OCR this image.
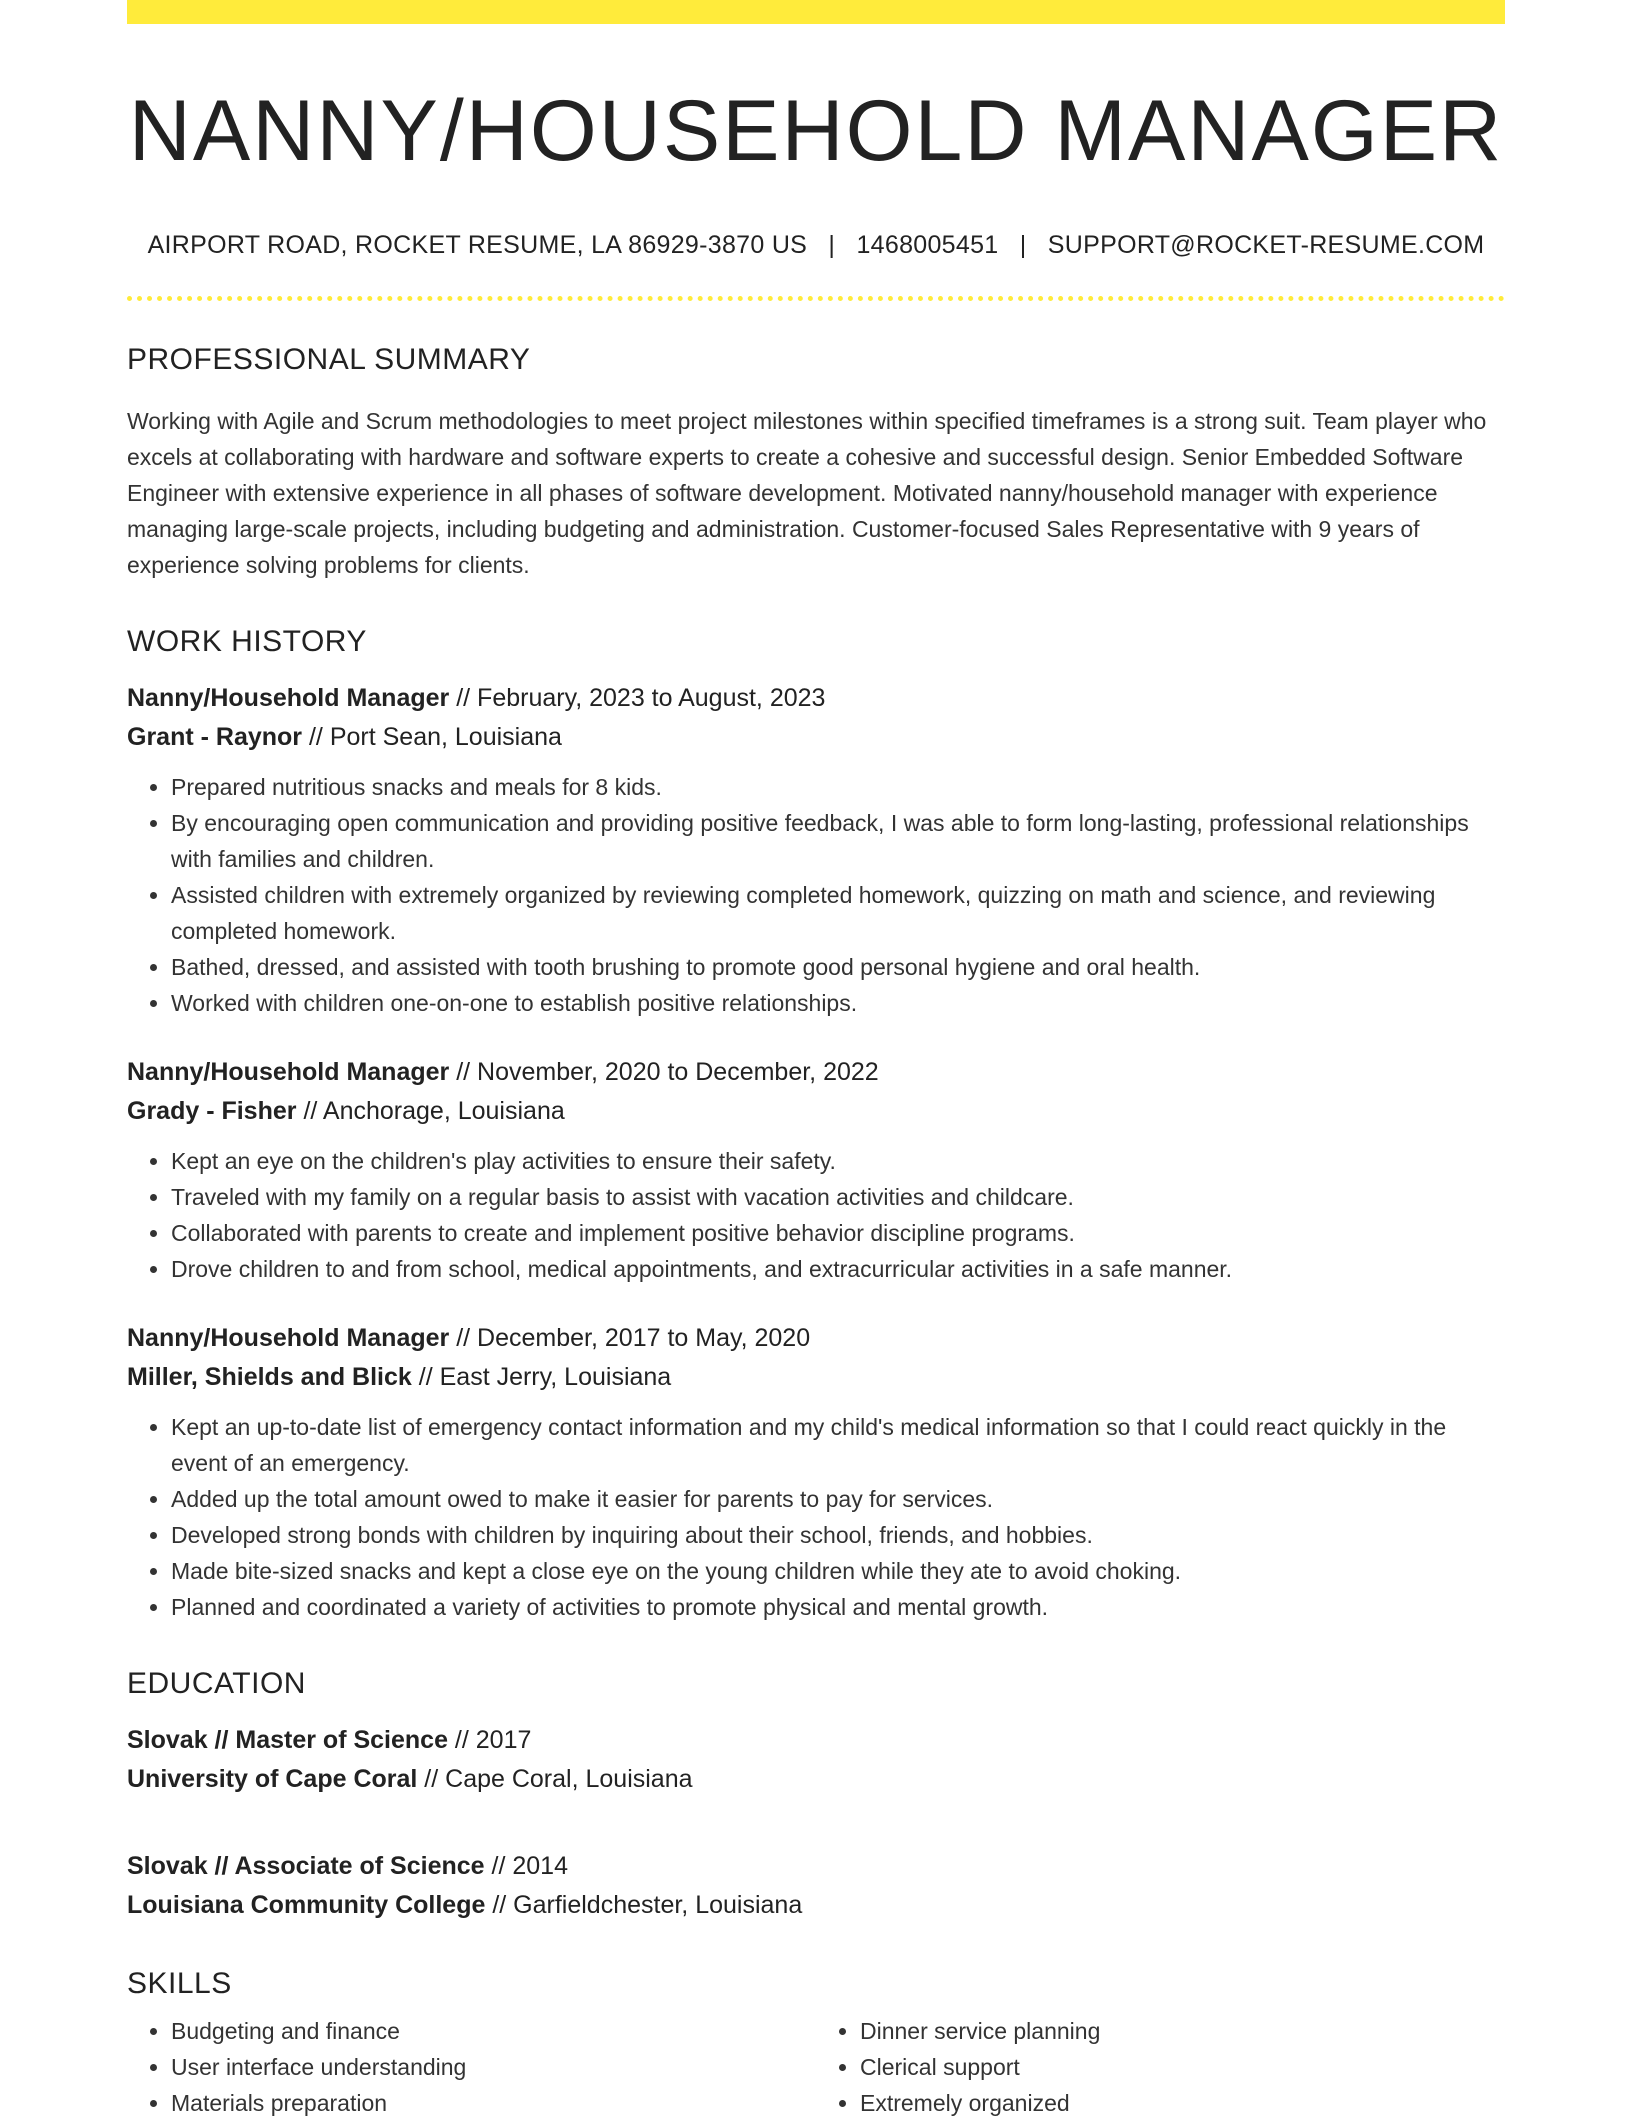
NANNY/HOUSEHOLD MANAGER
AIRPORT ROAD, ROCKET RESUME, LA 86929-3870 US | 1468005451 | SUPPORT@ROCKET-RESUME.COM
PROFESSIONAL SUMMARY
Working with Agile and Scrum methodologies to meet project milestones within specified timeframes is a strong suit. Team player who excels at collaborating with hardware and software experts to create a cohesive and successful design. Senior Embedded Software Engineer with extensive experience in all phases of software development. Motivated nanny/household manager with experience managing large-scale projects, including budgeting and administration. Customer-focused Sales Representative with 9 years of experience solving problems for clients.
WORK HISTORY
Nanny/Household Manager // February, 2023 to August, 2023
Grant - Raynor // Port Sean, Louisiana
• Prepared nutritious snacks and meals for 8 kids.
• By encouraging open communication and providing positive feedback, I was able to form long-lasting, professional relationships with families and children.
• Assisted children with extremely organized by reviewing completed homework, quizzing on math and science, and reviewing completed homework.
• Bathed, dressed, and assisted with tooth brushing to promote good personal hygiene and oral health.
• Worked with children one-on-one to establish positive relationships.
Nanny/Household Manager // November, 2020 to December, 2022
Grady - Fisher // Anchorage, Louisiana
• Kept an eye on the children's play activities to ensure their safety.
• Traveled with my family on a regular basis to assist with vacation activities and childcare.
• Collaborated with parents to create and implement positive behavior discipline programs.
• Drove children to and from school, medical appointments, and extracurricular activities in a safe manner.
Nanny/Household Manager // December, 2017 to May, 2020
Miller, Shields and Blick // East Jerry, Louisiana
• Kept an up-to-date list of emergency contact information and my child's medical information so that I could react quickly in the event of an emergency.
• Added up the total amount owed to make it easier for parents to pay for services.
• Developed strong bonds with children by inquiring about their school, friends, and hobbies.
• Made bite-sized snacks and kept a close eye on the young children while they ate to avoid choking.
• Planned and coordinated a variety of activities to promote physical and mental growth.
EDUCATION
Slovak // Master of Science // 2017
University of Cape Coral // Cape Coral, Louisiana
Slovak // Associate of Science // 2014
Louisiana Community College // Garfieldchester, Louisiana
SKILLS
• Budgeting and finance
• User interface understanding
• Materials preparation
• Dinner service planning
• Clerical support
• Extremely organized
